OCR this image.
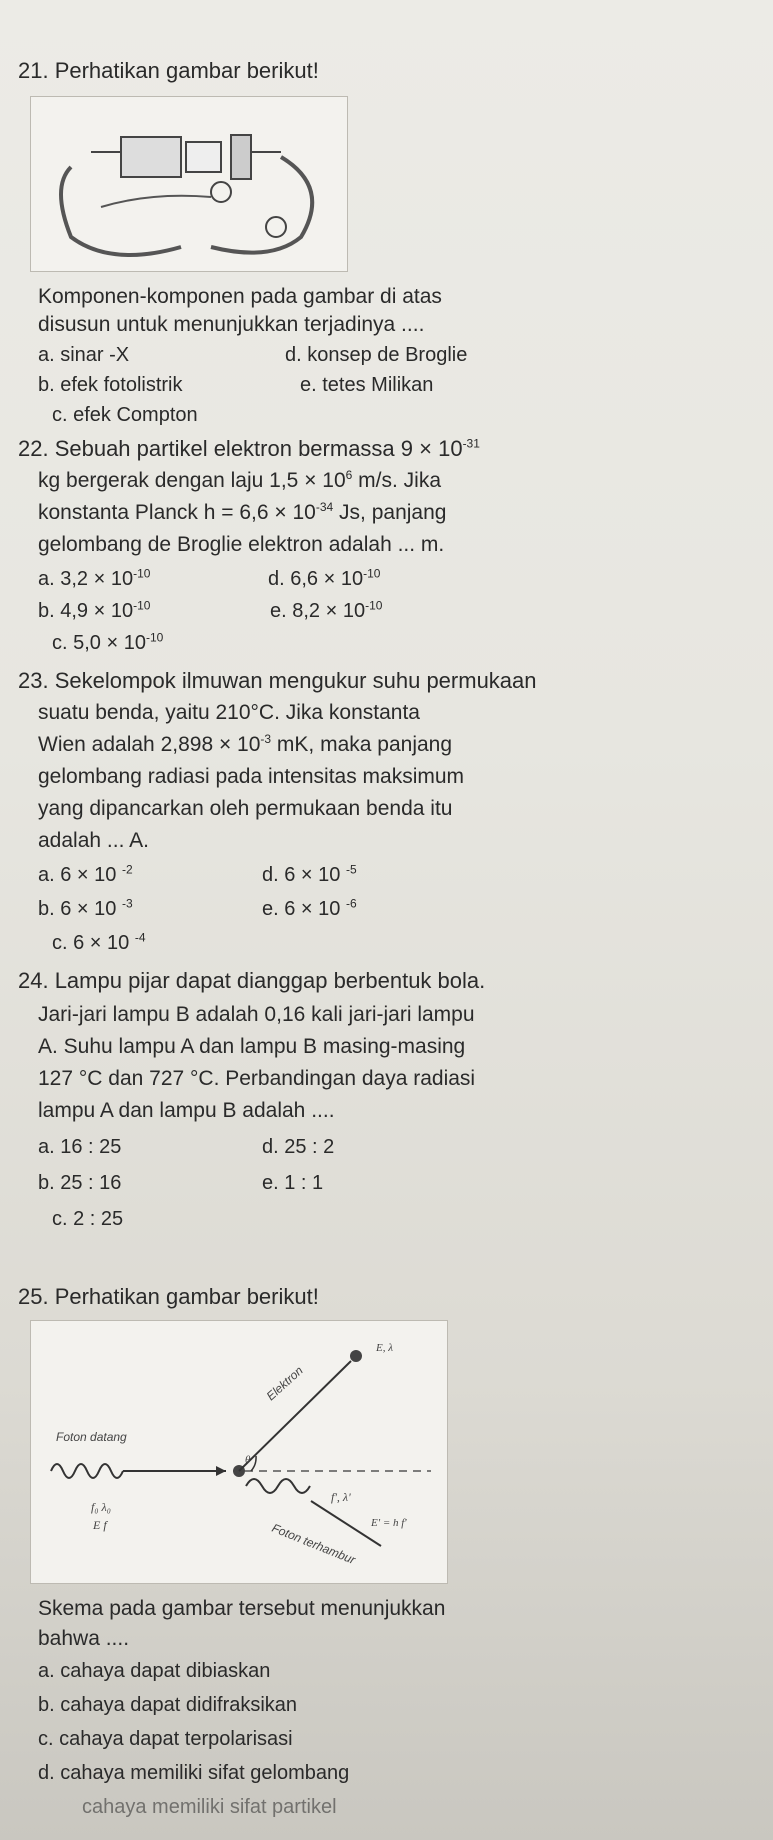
21. Perhatikan gambar berikut!
Komponen-komponen pada gambar di atas
disusun untuk menunjukkan terjadinya ....
a. sinar -X	d. konsep de Broglie
b. efek fotolistrik	e. tetes Milikan
c. efek Compton
22. Sebuah partikel elektron bermassa $9 \times 10^{-31}$
kg bergerak dengan laju $1,5 \times 10^6$ m/s. Jika
konstanta Planck $h = 6,6 \times 10^{-34}$ Js, panjang
gelombang de Broglie elektron adalah ... m.
a. $3,2 \times 10^{-10}$	d. $6,6 \times 10^{-10}$
b. $4,9 \times 10^{-10}$	e. $8,2 \times 10^{-10}$
c. $5,0 \times 10^{-10}$
23. Sekelompok ilmuwan mengukur suhu permukaan
suatu benda, yaitu 210°C. Jika konstanta
Wien adalah $2,898 \times 10^{-3}$ mK, maka panjang
gelombang radiasi pada intensitas maksimum
yang dipancarkan oleh permukaan benda itu
adalah ... A.
a. 6 × 10 $^{-2}$	d. 6 × 10 $^{-5}$
b. 6 × 10 $^{-3}$	e. 6 × 10 $^{-6}$
c. 6 × 10 $^{-4}$
24. Lampu pijar dapat dianggap berbentuk bola.
Jari-jari lampu B adalah 0,16 kali jari-jari lampu
A. Suhu lampu A dan lampu B masing-masing
127 °C dan 727 °C. Perbandingan daya radiasi
lampu A dan lampu B adalah ....
a. 16 : 25	d. 25 : 2
b. 25 : 16	e. 1 : 1
c. 2 : 25
25. Perhatikan gambar berikut!
Foton datang
Foton terhambur
Elektron
E, λ
f₀ λ₀
E f
f', λ'
E' = h f'
θ
Skema pada gambar tersebut menunjukkan
bahwa ....
a. cahaya dapat dibiaskan
b. cahaya dapat didifraksikan
c. cahaya dapat terpolarisasi
d. cahaya memiliki sifat gelombang
cahaya memiliki sifat partikel
